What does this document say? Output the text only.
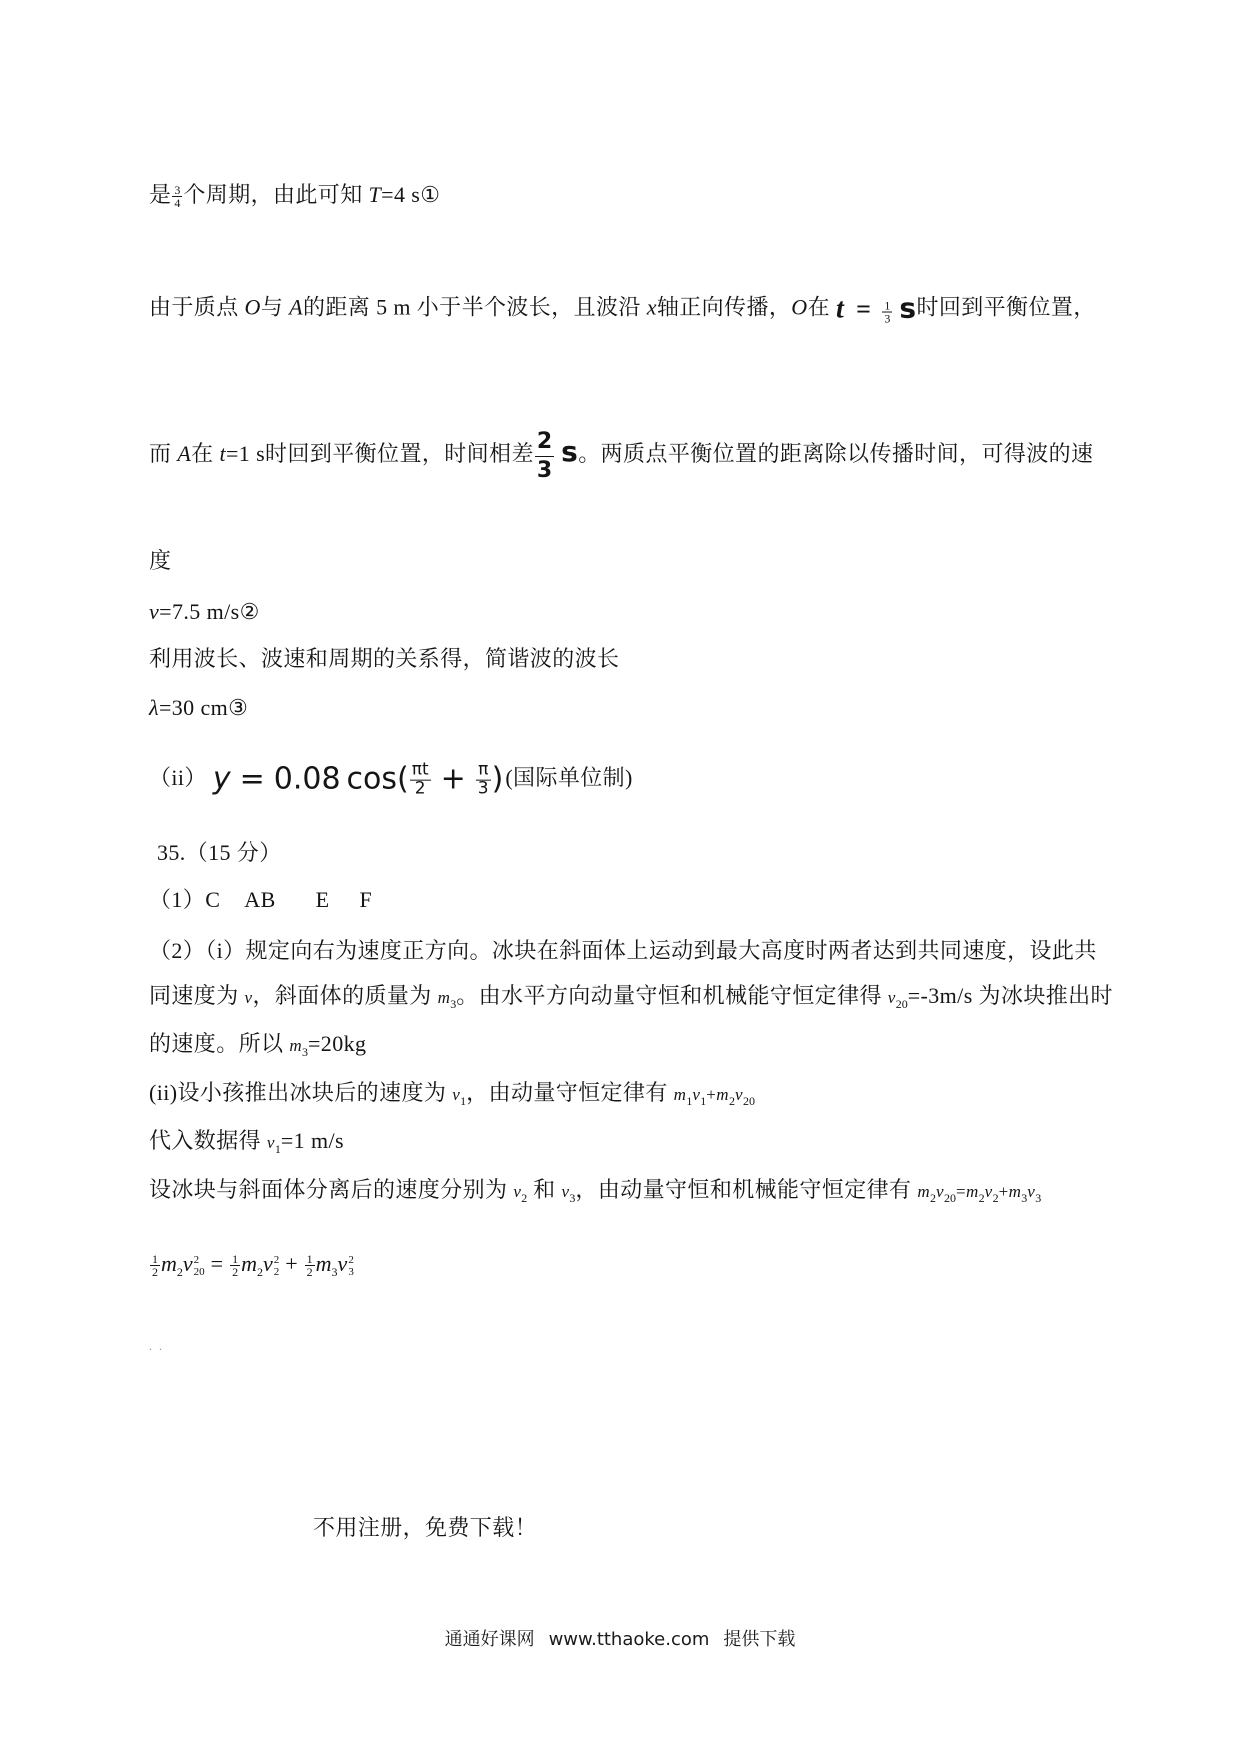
是 $\frac{3}{4}$ 个周期，由此可知 T=4 s①
由于质点 O与 A的距离 5 m 小于半个波长，且波沿 x轴正向传播，O在 $t = \frac{1}{3}$ s时回到平衡位置，
而 A在 t=1 s时回到平衡位置，时间相差 $\frac{2}{3}$ s。两质点平衡位置的距离除以传播时间，可得波的速
度
v=7.5 m/s②
利用波长、波速和周期的关系得，简谐波的波长
λ=30 cm③
（ii） y = 0.08 $\cos( \frac{\pi t}{2} + \frac{\pi}{3}$ )(国际单位制)
35.（15 分）
（1）C AB E F
（2）（i）规定向右为速度正方向。冰块在斜面体上运动到最大高度时两者达到共同速度，设此共
同速度为 v，斜面体的质量为 $m_3$。由水平方向动量守恒和机械能守恒定律得 $v_{20}=-3m/s$ 为冰块推出时
的速度。所以 $m_3=20kg$
(ii)设小孩推出冰块后的速度为 $v_1$，由动量守恒定律有 $m_1v_1+m_2v_{20}$
代入数据得 $v_1=1$ m/s
设冰块与斜面体分离后的速度分别为 $v_2$ 和 $v_3$，由动量守恒和机械能守恒定律有 $m_2v_{20}=m_2v_2+m_3v_3$
$\frac{1}{2} m_2v$ 2
$20 = \frac{1}{2} m_2v$ 2
$2 + \frac{1}{2} m_3v$ 2
3
. .
不用注册，免费下载！
通通好课网 www.tthaoke.com 提供下载
